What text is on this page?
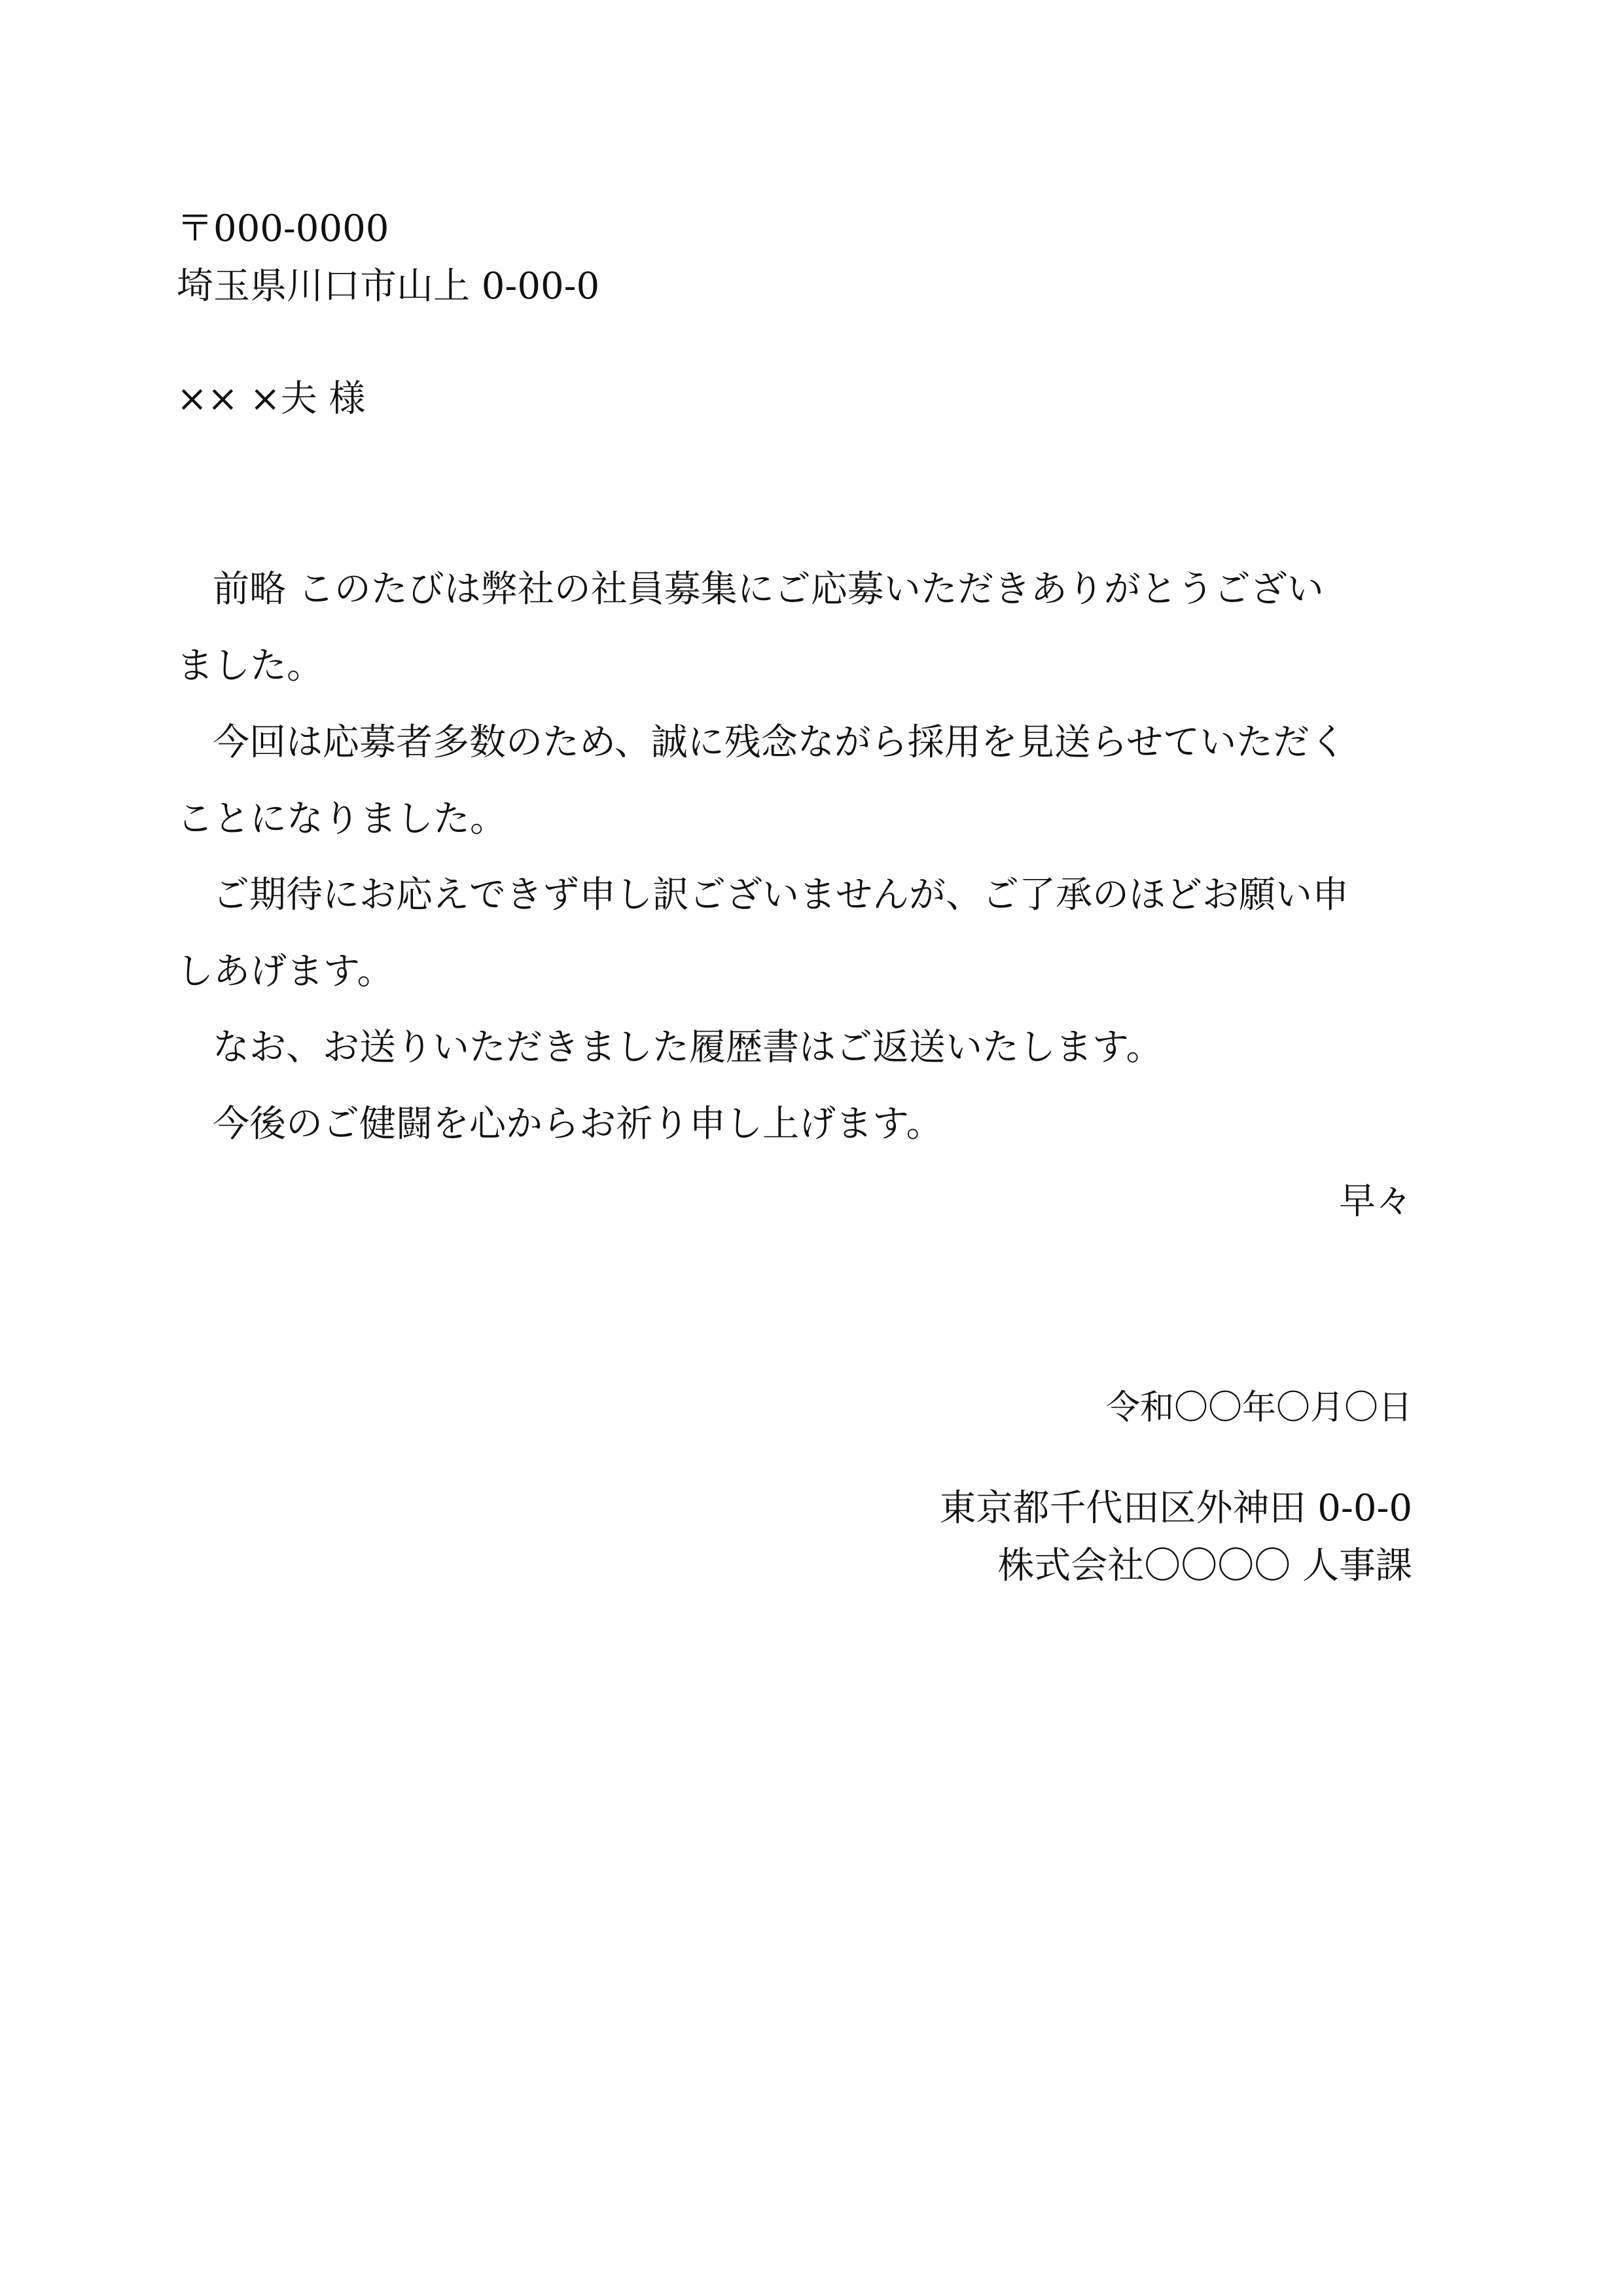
〒000-0000
埼玉県川口市山上 0-00-0
×× ×夫 様
前略 このたびは弊社の社員募集にご応募いただきありがとうござい
ました。
今回は応募者多数のため、誠に残念ながら採用を見送らせていただく
ことになりました。
ご期待にお応えできず申し訳ございませんが、ご了承のほどお願い申
しあげます。
なお、お送りいただきました履歴書はご返送いたします。
今後のご健闘を心からお祈り申し上げます。
早々
令和〇〇年〇月〇日
東京都千代田区外神田 0-0-0
株式会社〇〇〇〇 人事課
